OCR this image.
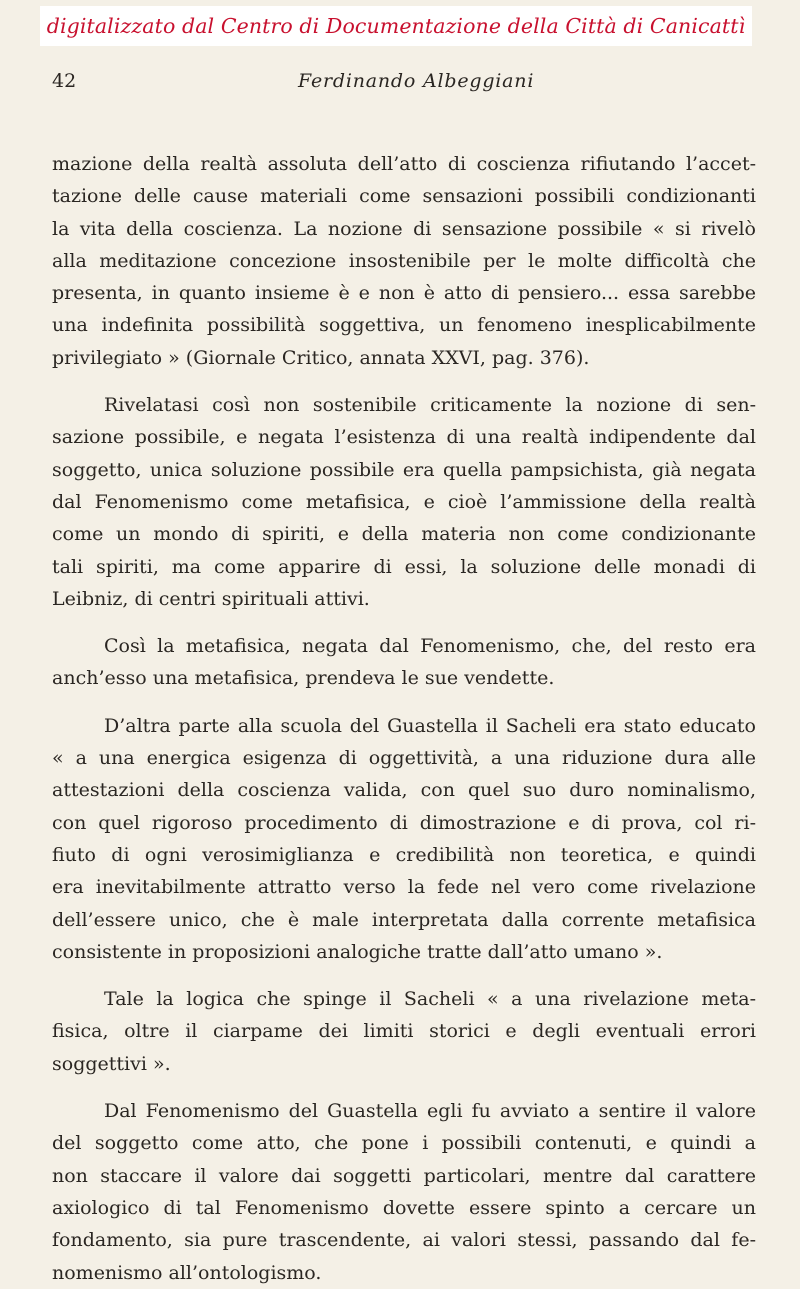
digitalizzato dal Centro di Documentazione della Città di Canicattì
42	Ferdinando Albeggiani
mazione della realtà assoluta dell’atto di coscienza rifiutando l’accet-
tazione delle cause materiali come sensazioni possibili condizionanti
la vita della coscienza. La nozione di sensazione possibile « si rivelò
alla meditazione concezione insostenibile per le molte difficoltà che
presenta, in quanto insieme è e non è atto di pensiero... essa sarebbe
una indefinita possibilità soggettiva, un fenomeno inesplicabilmente
privilegiato » (Giornale Critico, annata XXVI, pag. 376).
Rivelatasi così non sostenibile criticamente la nozione di sen-
sazione possibile, e negata l’esistenza di una realtà indipendente dal
soggetto, unica soluzione possibile era quella pampsichista, già negata
dal Fenomenismo come metafisica, e cioè l’ammissione della realtà
come un mondo di spiriti, e della materia non come condizionante
tali spiriti, ma come apparire di essi, la soluzione delle monadi di
Leibniz, di centri spirituali attivi.
Così la metafisica, negata dal Fenomenismo, che, del resto era
anch’esso una metafisica, prendeva le sue vendette.
D’altra parte alla scuola del Guastella il Sacheli era stato educato
« a una energica esigenza di oggettività, a una riduzione dura alle
attestazioni della coscienza valida, con quel suo duro nominalismo,
con quel rigoroso procedimento di dimostrazione e di prova, col ri-
fiuto di ogni verosimiglianza e credibilità non teoretica, e quindi
era inevitabilmente attratto verso la fede nel vero come rivelazione
dell’essere unico, che è male interpretata dalla corrente metafisica
consistente in proposizioni analogiche tratte dall’atto umano ».
Tale la logica che spinge il Sacheli « a una rivelazione meta-
fisica, oltre il ciarpame dei limiti storici e degli eventuali errori
soggettivi ».
Dal Fenomenismo del Guastella egli fu avviato a sentire il valore
del soggetto come atto, che pone i possibili contenuti, e quindi a
non staccare il valore dai soggetti particolari, mentre dal carattere
axiologico di tal Fenomenismo dovette essere spinto a cercare un
fondamento, sia pure trascendente, ai valori stessi, passando dal fe-
nomenismo all’ontologismo.
